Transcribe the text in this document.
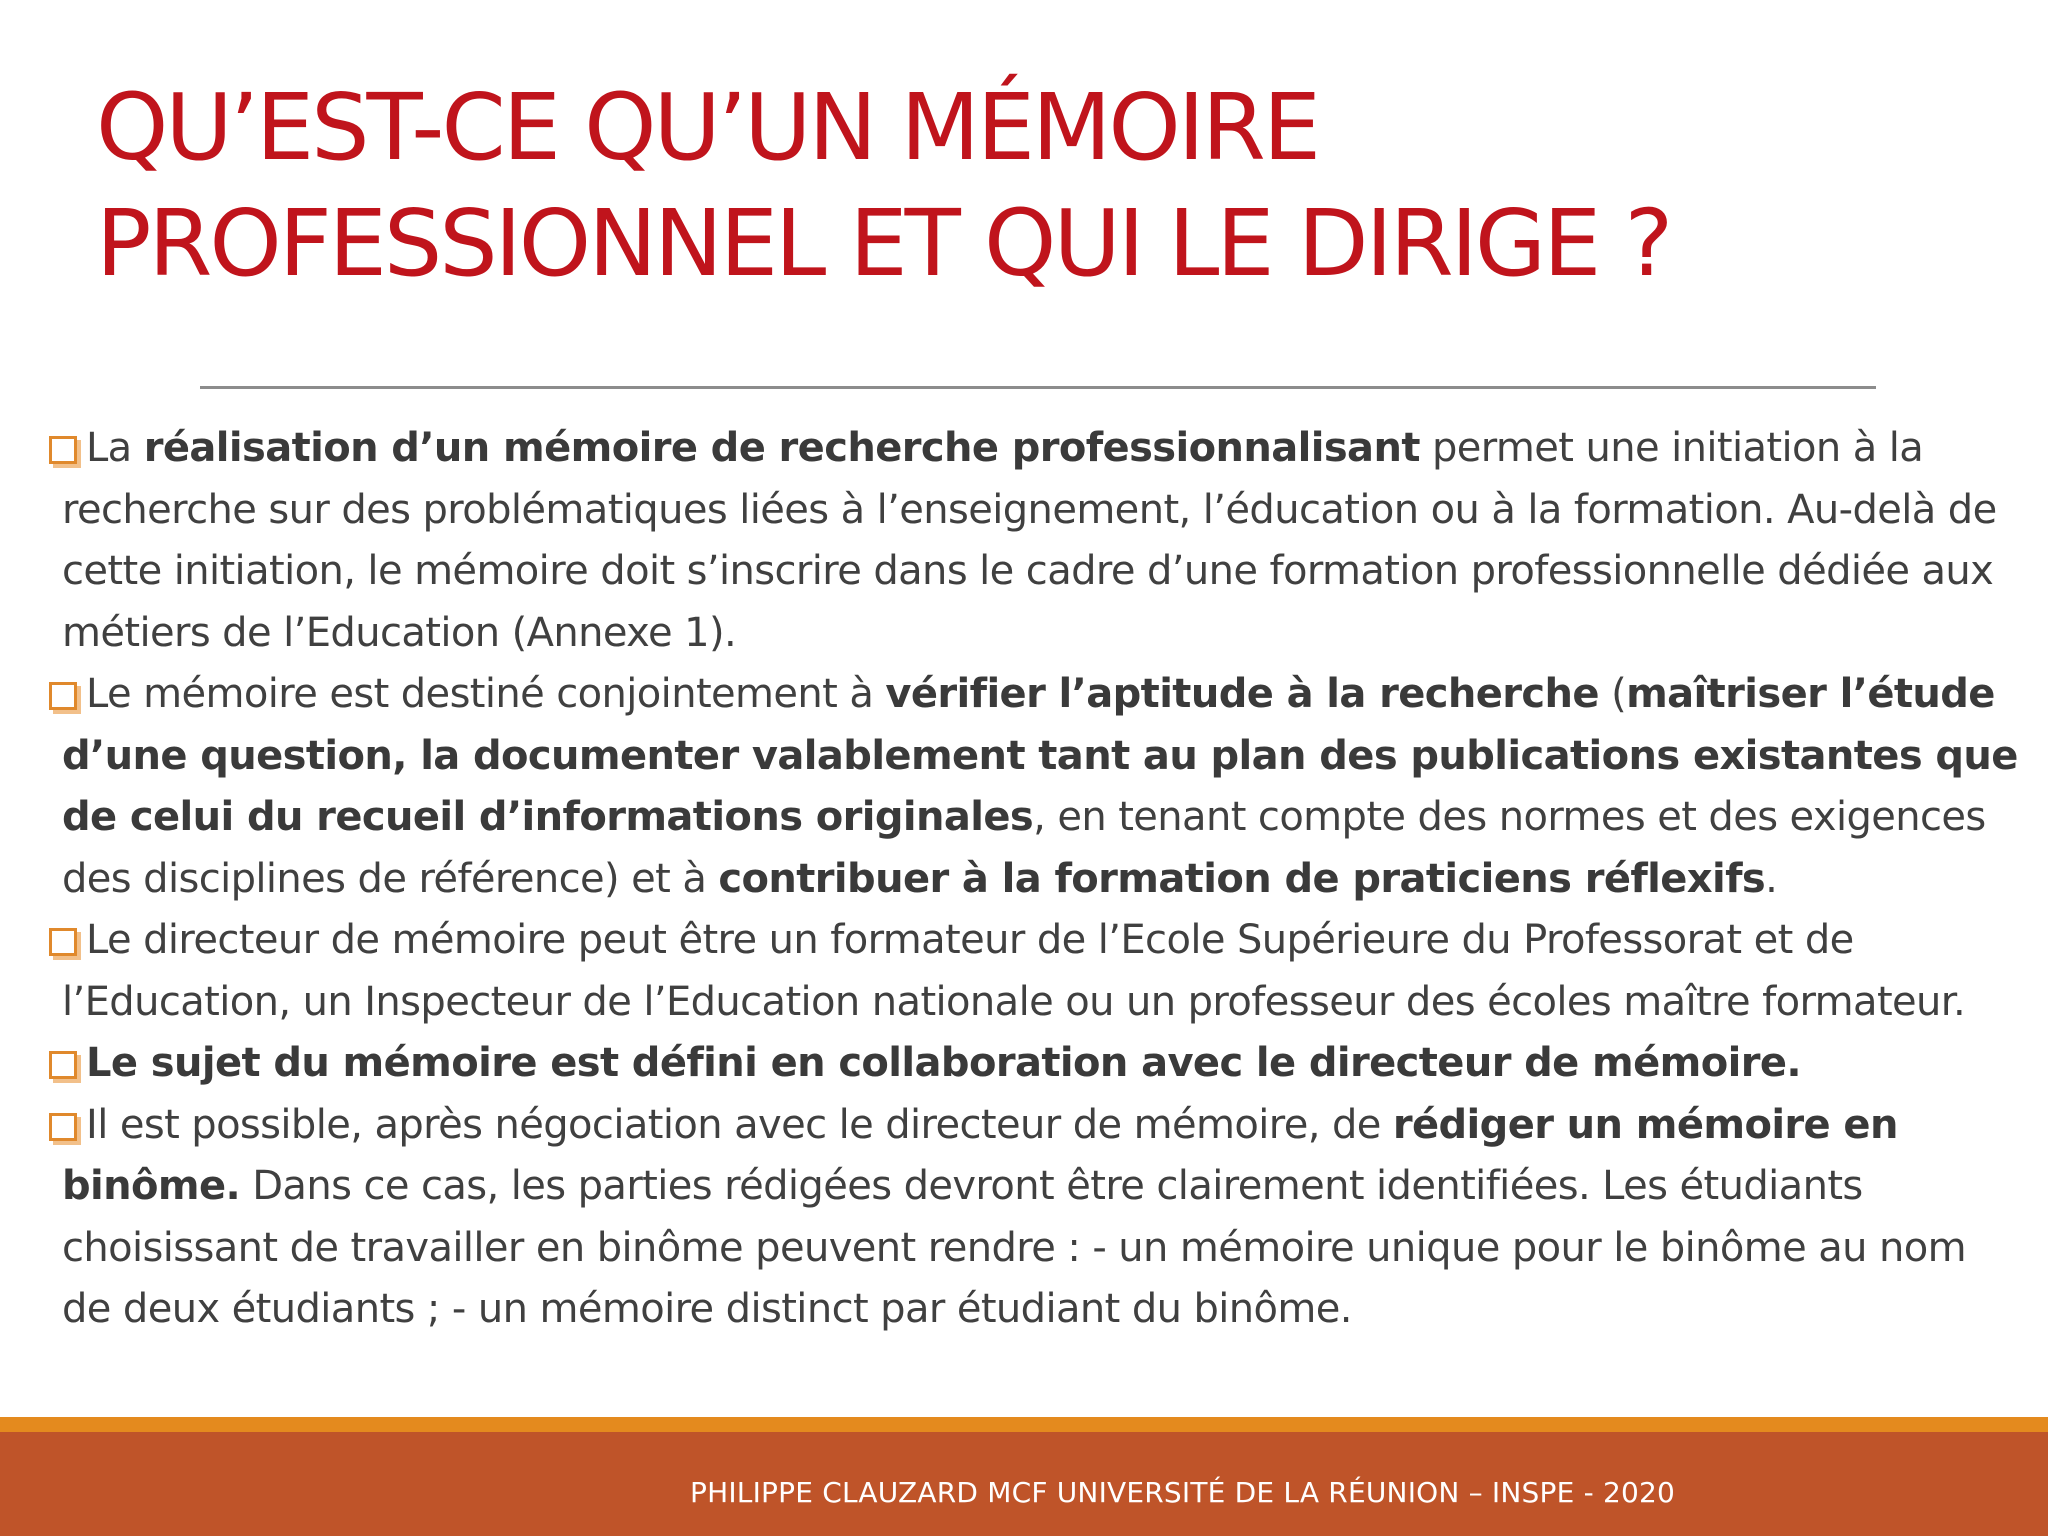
QU’EST-CE QU’UN MÉMOIRE
PROFESSIONNEL ET QUI LE DIRIGE ?

La réalisation d’un mémoire de recherche professionnalisant permet une initiation à la recherche sur des problématiques liées à l’enseignement, l’éducation ou à la formation. Au-delà de cette initiation, le mémoire doit s’inscrire dans le cadre d’une formation professionnelle dédiée aux métiers de l’Education (Annexe 1).

Le mémoire est destiné conjointement à vérifier l’aptitude à la recherche (maîtriser l’étude d’une question, la documenter valablement tant au plan des publications existantes que de celui du recueil d’informations originales, en tenant compte des normes et des exigences des disciplines de référence) et à contribuer à la formation de praticiens réflexifs.

Le directeur de mémoire peut être un formateur de l’Ecole Supérieure du Professorat et de l’Education, un Inspecteur de l’Education nationale ou un professeur des écoles maître formateur.

Le sujet du mémoire est défini en collaboration avec le directeur de mémoire.

Il est possible, après négociation avec le directeur de mémoire, de rédiger un mémoire en binôme. Dans ce cas, les parties rédigées devront être clairement identifiées. Les étudiants choisissant de travailler en binôme peuvent rendre : - un mémoire unique pour le binôme au nom de deux étudiants ; - un mémoire distinct par étudiant du binôme.

PHILIPPE CLAUZARD MCF UNIVERSITÉ DE LA RÉUNION – INSPE - 2020
